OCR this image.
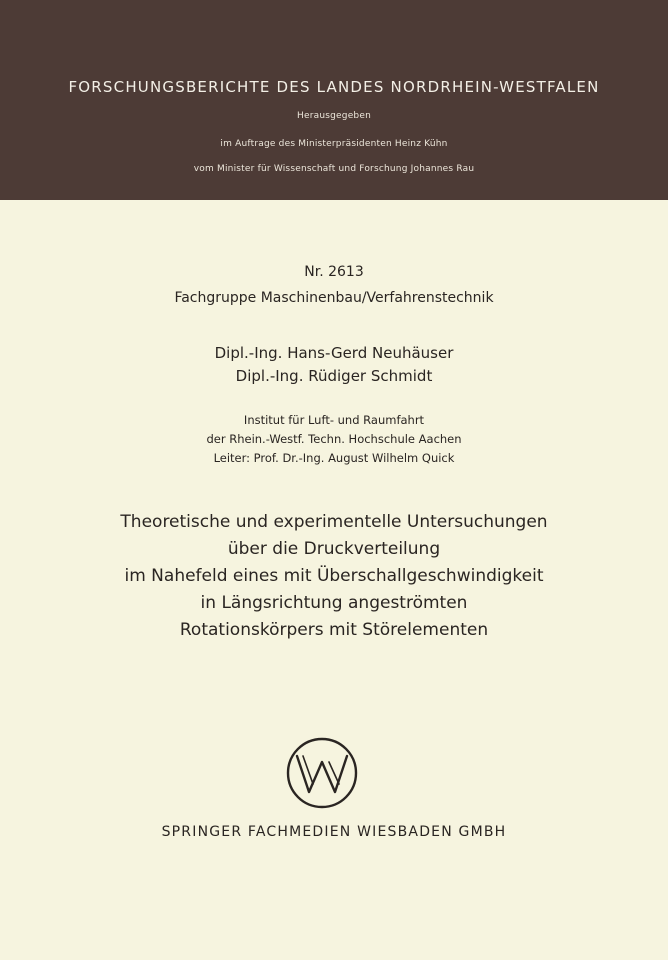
FORSCHUNGSBERICHTE DES LANDES NORDRHEIN-WESTFALEN
Herausgegeben
im Auftrage des Ministerpräsidenten Heinz Kühn
vom Minister für Wissenschaft und Forschung Johannes Rau
Nr. 2613
Fachgruppe Maschinenbau/Verfahrenstechnik
Dipl.-Ing. Hans-Gerd Neuhäuser
Dipl.-Ing. Rüdiger Schmidt
Institut für Luft- und Raumfahrt
der Rhein.-Westf. Techn. Hochschule Aachen
Leiter: Prof. Dr.-Ing. August Wilhelm Quick
Theoretische und experimentelle Untersuchungen
über die Druckverteilung
im Nahefeld eines mit Überschallgeschwindigkeit
in Längsrichtung angeströmten
Rotationskörpers mit Störelementen
SPRINGER FACHMEDIEN WIESBADEN GMBH
